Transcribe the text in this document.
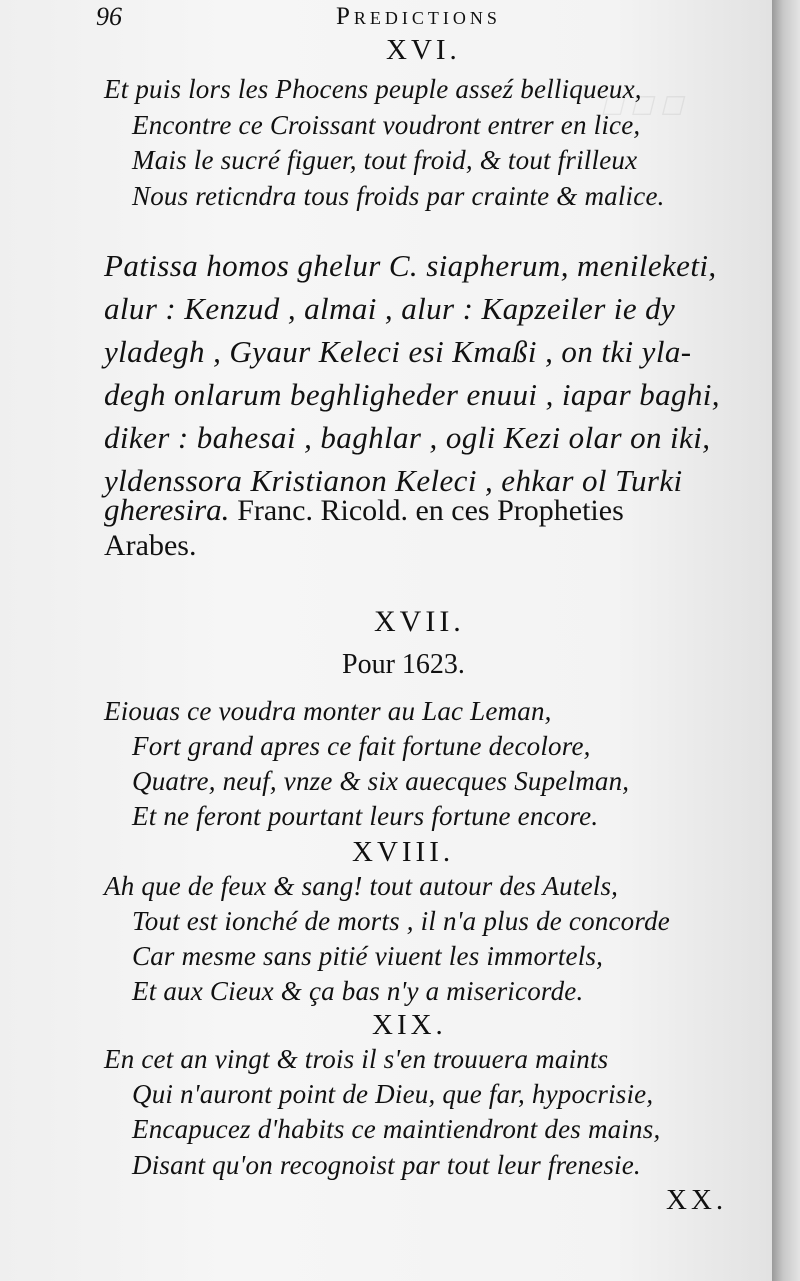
☐ ☐ ☐
96	Predictions
XVI.
Et puis lors les Phocens peuple asseź belliqueux,
Encontre ce Croissant voudront entrer en lice,
Mais le sucré figuer, tout froid, & tout frilleux
Nous reticndra tous froids par crainte & malice.
Patissa homos ghelur C. siapherum, menileketi,
alur : Kenzud , almai , alur : Kapzeiler ie dy
yladegh , Gyaur Keleci esi Kmaßi , on tki yla-
degh onlarum beghligheder enuui , iapar baghi,
diker : bahesai , baghlar , ogli Kezi olar on iki,
yldenssora Kristianon Keleci , ehkar ol Turki
gheresira. Franc. Ricold. en ces Propheties
Arabes.
XVII.
Pour 1623.
Eiouas ce voudra monter au Lac Leman,
Fort grand apres ce fait fortune decolore,
Quatre, neuf, vnze & six auecques Supelman,
Et ne feront pourtant leurs fortune encore.
XVIII.
Ah que de feux & sang! tout autour des Autels,
Tout est ionché de morts , il n'a plus de concorde
Car mesme sans pitié viuent les immortels,
Et aux Cieux & ça bas n'y a misericorde.
XIX.
En cet an vingt & trois il s'en trouuera maints
Qui n'auront point de Dieu, que far, hypocrisie,
Encapucez d'habits ce maintiendront des mains,
Disant qu'on recognoist par tout leur frenesie.
XX.
